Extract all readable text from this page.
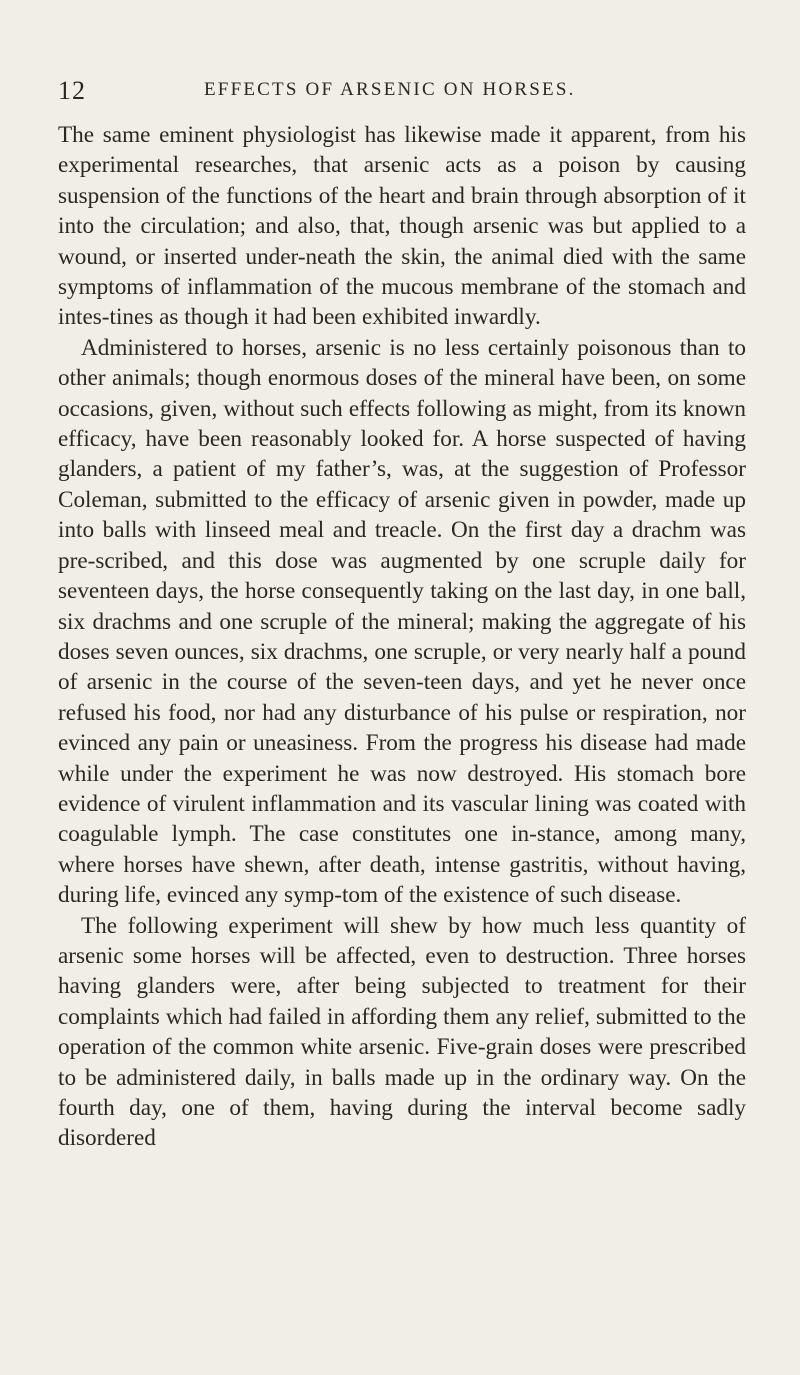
12	EFFECTS OF ARSENIC ON HORSES.

The same eminent physiologist has likewise made it apparent, from his experimental researches, that arsenic acts as a poison by causing suspension of the functions of the heart and brain through absorption of it into the circulation; and also, that, though arsenic was but applied to a wound, or inserted under-neath the skin, the animal died with the same symptoms of inflammation of the mucous membrane of the stomach and intes-tines as though it had been exhibited inwardly.

Administered to horses, arsenic is no less certainly poisonous than to other animals; though enormous doses of the mineral have been, on some occasions, given, without such effects following as might, from its known efficacy, have been reasonably looked for. A horse suspected of having glanders, a patient of my father’s, was, at the suggestion of Professor Coleman, submitted to the efficacy of arsenic given in powder, made up into balls with linseed meal and treacle. On the first day a drachm was pre-scribed, and this dose was augmented by one scruple daily for seventeen days, the horse consequently taking on the last day, in one ball, six drachms and one scruple of the mineral; making the aggregate of his doses seven ounces, six drachms, one scruple, or very nearly half a pound of arsenic in the course of the seven-teen days, and yet he never once refused his food, nor had any disturbance of his pulse or respiration, nor evinced any pain or uneasiness. From the progress his disease had made while under the experiment he was now destroyed. His stomach bore evidence of virulent inflammation and its vascular lining was coated with coagulable lymph. The case constitutes one in-stance, among many, where horses have shewn, after death, intense gastritis, without having, during life, evinced any symp-tom of the existence of such disease.

The following experiment will shew by how much less quantity of arsenic some horses will be affected, even to destruction. Three horses having glanders were, after being subjected to treatment for their complaints which had failed in affording them any relief, submitted to the operation of the common white arsenic. Five-grain doses were prescribed to be administered daily, in balls made up in the ordinary way. On the fourth day, one of them, having during the interval become sadly disordered
